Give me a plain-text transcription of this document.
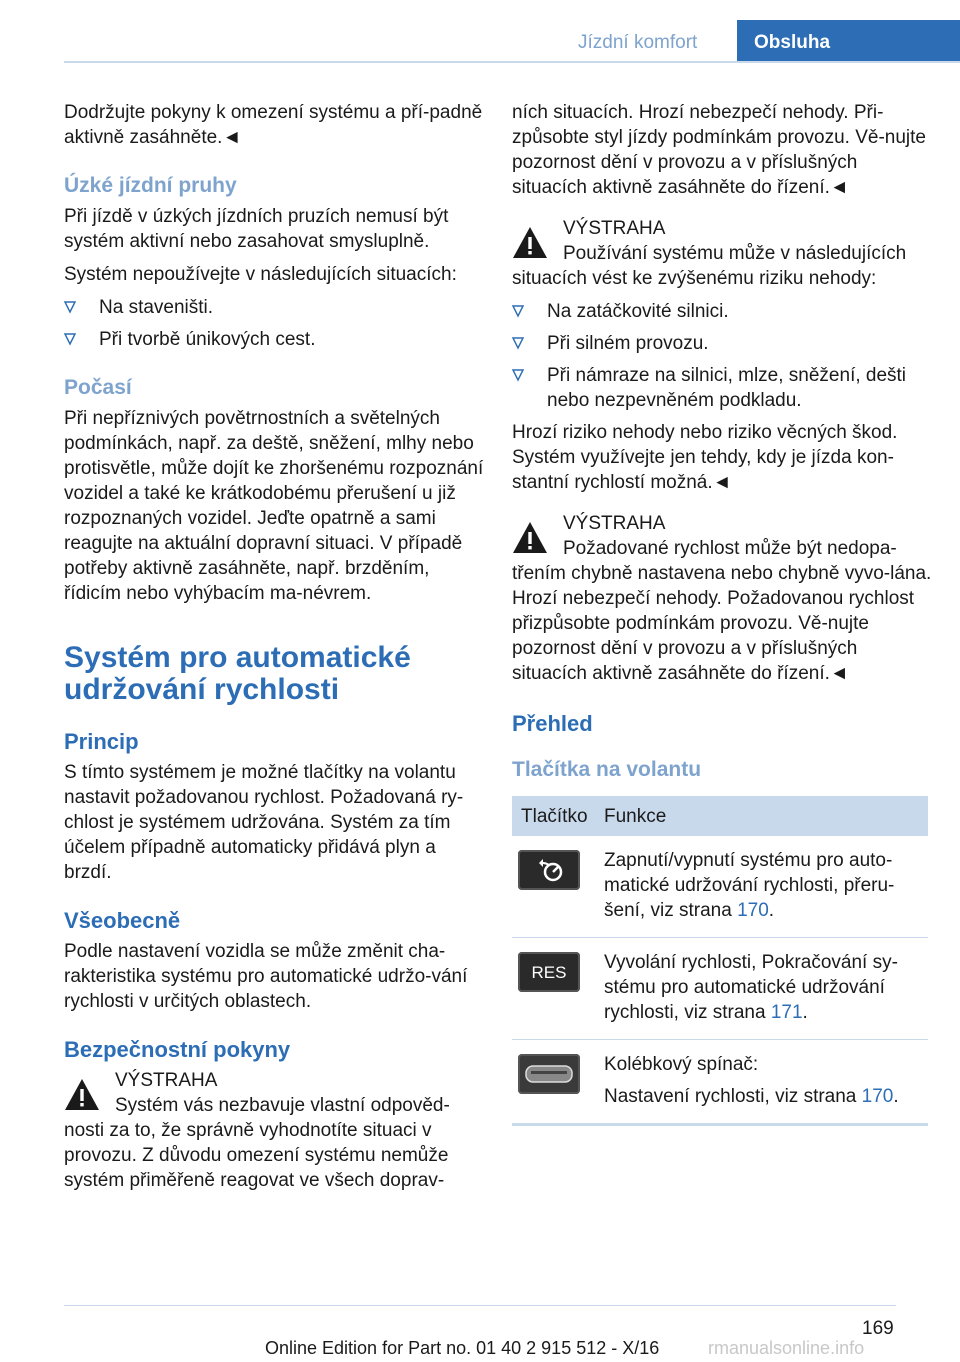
Jízdní komfort	Obsluha

Dodržujte pokyny k omezení systému a pří-padně aktivně zasáhněte.◄

Úzké jízdní pruhy

Při jízdě v úzkých jízdních pruzích nemusí být systém aktivní nebo zasahovat smysluplně.

Systém nepoužívejte v následujících situacích:

Na staveništi.
Při tvorbě únikových cest.
Počasí

Při nepříznivých povětrnostních a světelných podmínkách, např. za deště, sněžení, mlhy nebo protisvětle, může dojít ke zhoršenému rozpoznání vozidel a také ke krátkodobému přerušení u již rozpoznaných vozidel. Jeďte opatrně a sami reagujte na aktuální dopravní situaci. V případě potřeby aktivně zasáhněte, např. brzděním, řídicím nebo vyhýbacím ma-névrem.

Systém pro automatické udržování rychlosti
Princip

S tímto systémem je možné tlačítky na volantu nastavit požadovanou rychlost. Požadovaná ry-chlost je systémem udržována. Systém za tím účelem případně automaticky přidává plyn a brzdí.

Všeobecně

Podle nastavení vozidla se může změnit cha-rakteristika systému pro automatické udržo-vání rychlosti v určitých oblastech.

Bezpečnostní pokyny
VÝSTRAHA
Systém vás nezbavuje vlastní odpověd-nosti za to, že správně vyhodnotíte situaci v provozu. Z důvodu omezení systému nemůže systém přiměřeně reagovat ve všech doprav-

ních situacích. Hrozí nebezpečí nehody. Při-způsobte styl jízdy podmínkám provozu. Vě-nujte pozornost dění v provozu a v příslušných situacích aktivně zasáhněte do řízení.◄

VÝSTRAHA
Používání systému může v následujících situacích vést ke zvýšenému riziku nehody:
Na zatáčkovité silnici.
Při silném provozu.
Při námraze na silnici, mlze, sněžení, dešti nebo nezpevněném podkladu.

Hrozí riziko nehody nebo riziko věcných škod. Systém využívejte jen tehdy, kdy je jízda kon-stantní rychlostí možná.◄

VÝSTRAHA
Požadované rychlost může být nedopa-třením chybně nastavena nebo chybně vyvo-lána. Hrozí nebezpečí nehody. Požadovanou rychlost přizpůsobte podmínkám provozu. Vě-nujte pozornost dění v provozu a v příslušných situacích aktivně zasáhněte do řízení.◄
Přehled
Tlačítka na volantu
Tlačítko Funkce
Zapnutí/vypnutí systému pro auto-matické udržování rychlosti, přeru-šení, viz strana 170.
RES Vyvolání rychlosti, Pokračování sy-stému pro automatické udržování rychlosti, viz strana 171.

Kolébkový spínač:

Nastavení rychlosti, viz strana 170.
169
Online Edition for Part no. 01 40 2 915 512 - X/16	rmanualsonline.info
